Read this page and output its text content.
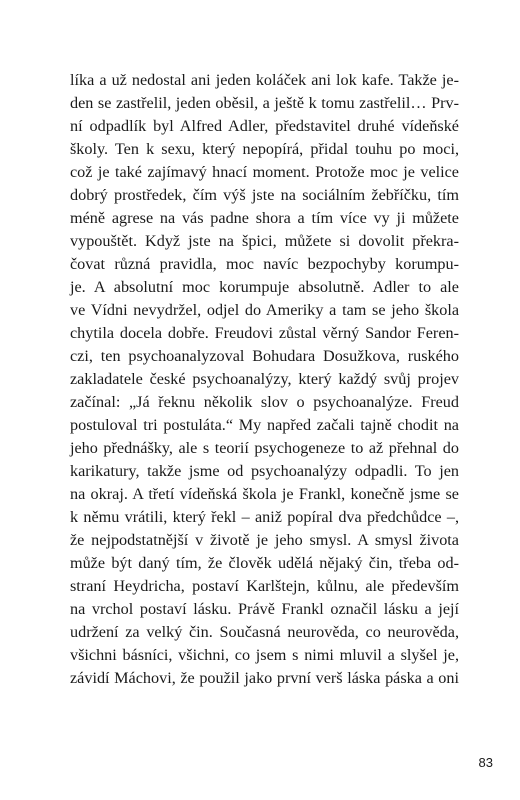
líka a už nedostal ani jeden koláček ani lok kafe. Takže je-
den se zastřelil, jeden oběsil, a ještě k tomu zastřelil… Prv-
ní odpadlík byl Alfred Adler, představitel druhé vídeňské
školy. Ten k sexu, který nepopírá, přidal touhu po moci,
což je také zajímavý hnací moment. Protože moc je velice
dobrý prostředek, čím výš jste na sociálním žebříčku, tím
méně agrese na vás padne shora a tím více vy ji můžete
vypouštět. Když jste na špici, můžete si dovolit překra-
čovat různá pravidla, moc navíc bezpochyby korumpu-
je. A absolutní moc korumpuje absolutně. Adler to ale
ve Vídni nevydržel, odjel do Ameriky a tam se jeho škola
chytila docela dobře. Freudovi zůstal věrný Sandor Feren-
czi, ten psychoanalyzoval Bohudara Dosužkova, ruského
zakladatele české psychoanalýzy, který každý svůj projev
začínal: „Já řeknu několik slov o psychoanalýze. Freud
postuloval tri postuláta.“ My napřed začali tajně chodit na
jeho přednášky, ale s teorií psychogeneze to až přehnal do
karikatury, takže jsme od psychoanalýzy odpadli. To jen
na okraj. A třetí vídeňská škola je Frankl, konečně jsme se
k němu vrátili, který řekl – aniž popíral dva předchůdce –,
že nejpodstatnější v životě je jeho smysl. A smysl života
může být daný tím, že člověk udělá nějaký čin, třeba od-
straní Heydricha, postaví Karlštejn, kůlnu, ale především
na vrchol postaví lásku. Právě Frankl označil lásku a její
udržení za velký čin. Současná neurověda, co neurověda,
všichni básníci, všichni, co jsem s nimi mluvil a slyšel je,
závidí Máchovi, že použil jako první verš láska páska a oni
83
